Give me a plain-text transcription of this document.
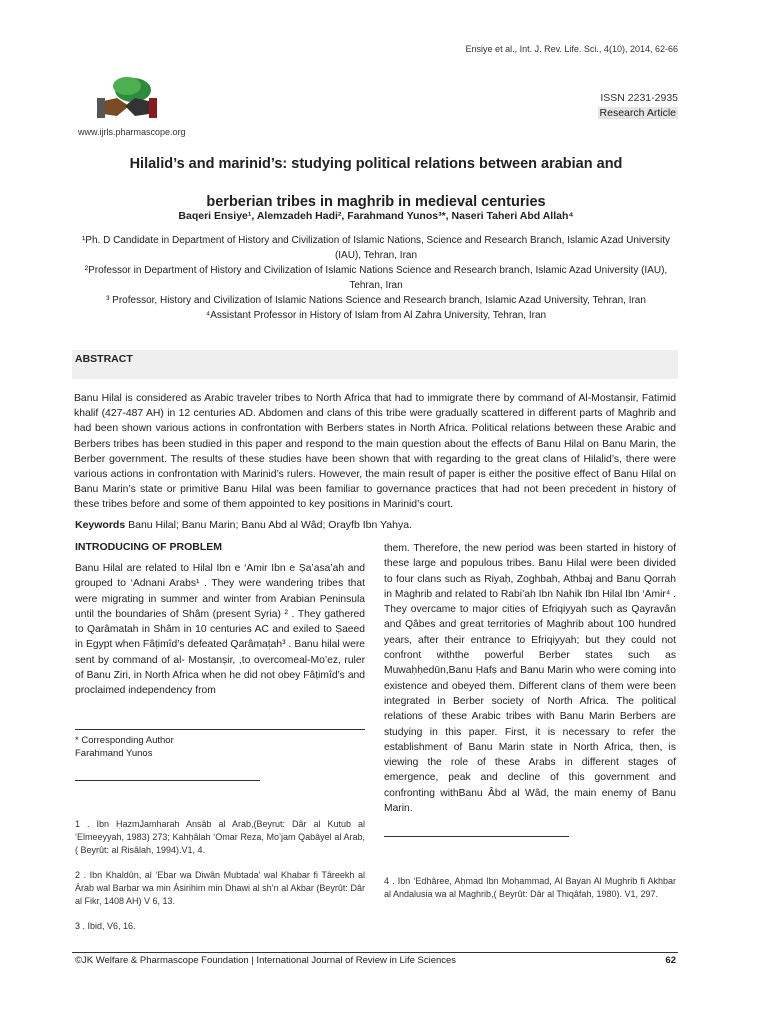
Ensiye et al., Int. J. Rev. Life. Sci., 4(10), 2014, 62-66
www.ijrls.pharmascope.org
ISSN 2231-2935
Research Article
Hilalid’s and marinid’s: studying political relations between arabian and
berberian tribes in maghrib in medieval centuries
Baqeri Ensiye¹, Alemzadeh Hadi², Farahmand Yunos³*, Naseri Taheri Abd Allah⁴
¹Ph. D Candidate in Department of History and Civilization of Islamic Nations, Science and Research Branch, Islamic Azad University (IAU), Tehran, Iran
²Professor in Department of History and Civilization of Islamic Nations Science and Research branch, Islamic Azad University (IAU), Tehran, Iran
³ Professor, History and Civilization of Islamic Nations Science and Research branch, Islamic Azad University, Tehran, Iran
⁴Assistant Professor in History of Islam from Al Zahra University, Tehran, Iran
ABSTRACT
Banu Hilal is considered as Arabic traveler tribes to North Africa that had to immigrate there by command of Al-Mostanṣir, Fatimid khalif (427-487 AH) in 12 centuries AD. Abdomen and clans of this tribe were gradually scattered in different parts of Maghrib and had been shown various actions in confrontation with Berbers states in North Africa. Political relations between these Arabic and Berbers tribes has been studied in this paper and respond to the main question about the effects of Banu Hilal on Banu Marin, the Berber government. The results of these studies have been shown that with regarding to the great clans of Hilalid’s, there were various actions in confrontation with Marinid’s rulers. However, the main result of paper is either the positive effect of Banu Hilal on Banu Marin’s state or primitive Banu Hilal was been familiar to governance practices that had not been precedent in history of these tribes before and some of them appointed to key positions in Marinid’s court.
Keywords Banu Hilal; Banu Marin; Banu Abd al Wâd; Orayfb Ibn Yahya.
INTRODUCING OF PROBLEM

Banu Hilal are related to Hilal Ibn e ‘Amir Ibn e Ṣa’asa’ah and grouped to ‘Adnani Arabs¹ . They were wandering tribes that were migrating in summer and winter from Arabian Peninsula until the boundaries of Shâm (present Syria) ² . They gathered to Qarâmatah in Shâm in 10 centuries AC and exiled to Ṣaeed in Egypt when Fâṭimîd’s defeated Qarâmaṭah³ . Banu hilal were sent by command of al- Mostanṣir, ,to overcomeal-Mo’ez, ruler of Banu Ziri, in North Africa when he did not obey Fâṭimîd’s and proclaimed independency from

* Corresponding Author
Farahmand Yunos

1 . Ibn ḤazmJamharah Ansâb al Arab,(Beyrut: Dâr al Kutub al ‘Elmeeyyah, 1983) 273; Kahḥâlah ‘Omar Reza, Mo’jam Qabâyel al Arab, ( Beyrût: al Risâlah, 1994).V1, 4.

2 . Ibn Khaldûn, al ‘Ebar wa Diwân Mubtada’ wal Khabar fi Târeekh al Árab wal Barbar wa min Ásirihim min Dhawi al sh’n al Akbar (Beyrût: Dâr al Fikr, 1408 AH) V 6, 13.

3 . Ibid, V6, 16.

them. Therefore, the new period was been started in history of these large and populous tribes. Banu Hilal were been divided to four clans such as Riyaḥ, Zoghbah, Athbaj and Banu Qorrah in Maghrib and related to Rabi’ah Ibn Nahik Ibn Hilal Ibn ‘Amir⁴ . They overcame to major cities of Efriqiyyah such as Qayravân and Qâbes and great territories of Maghrib about 100 hundred years, after their entrance to Efriqiyyah; but they could not confront withthe powerful Berber states such as Muwaḥḥedūn,Banu Ḥafṣ and Banu Marin who were coming into existence and obeyed them. Different clans of them were been integrated in Berber society of North Africa. The political relations of these Arabic tribes with Banu Marin Berbers are studying in this paper. First, it is necessary to refer the establishment of Banu Marin state in North Africa, then, is viewing the role of these Arabs in different stages of emergence, peak and decline of this government and confronting withBanu Âbd al Wâd, the main enemy of Banu Marin.

4 . Ibn ‘Edhâree, Aḥmad Ibn Moḥammad, Al Bayan Al Mughrib fi Akhbar al Andalusia wa al Maghrib,( Beyrût: Dâr al Thiqâfah, 1980). V1, 297.

©JK Welfare & Pharmascope Foundation | International Journal of Review in Life Sciences	62
